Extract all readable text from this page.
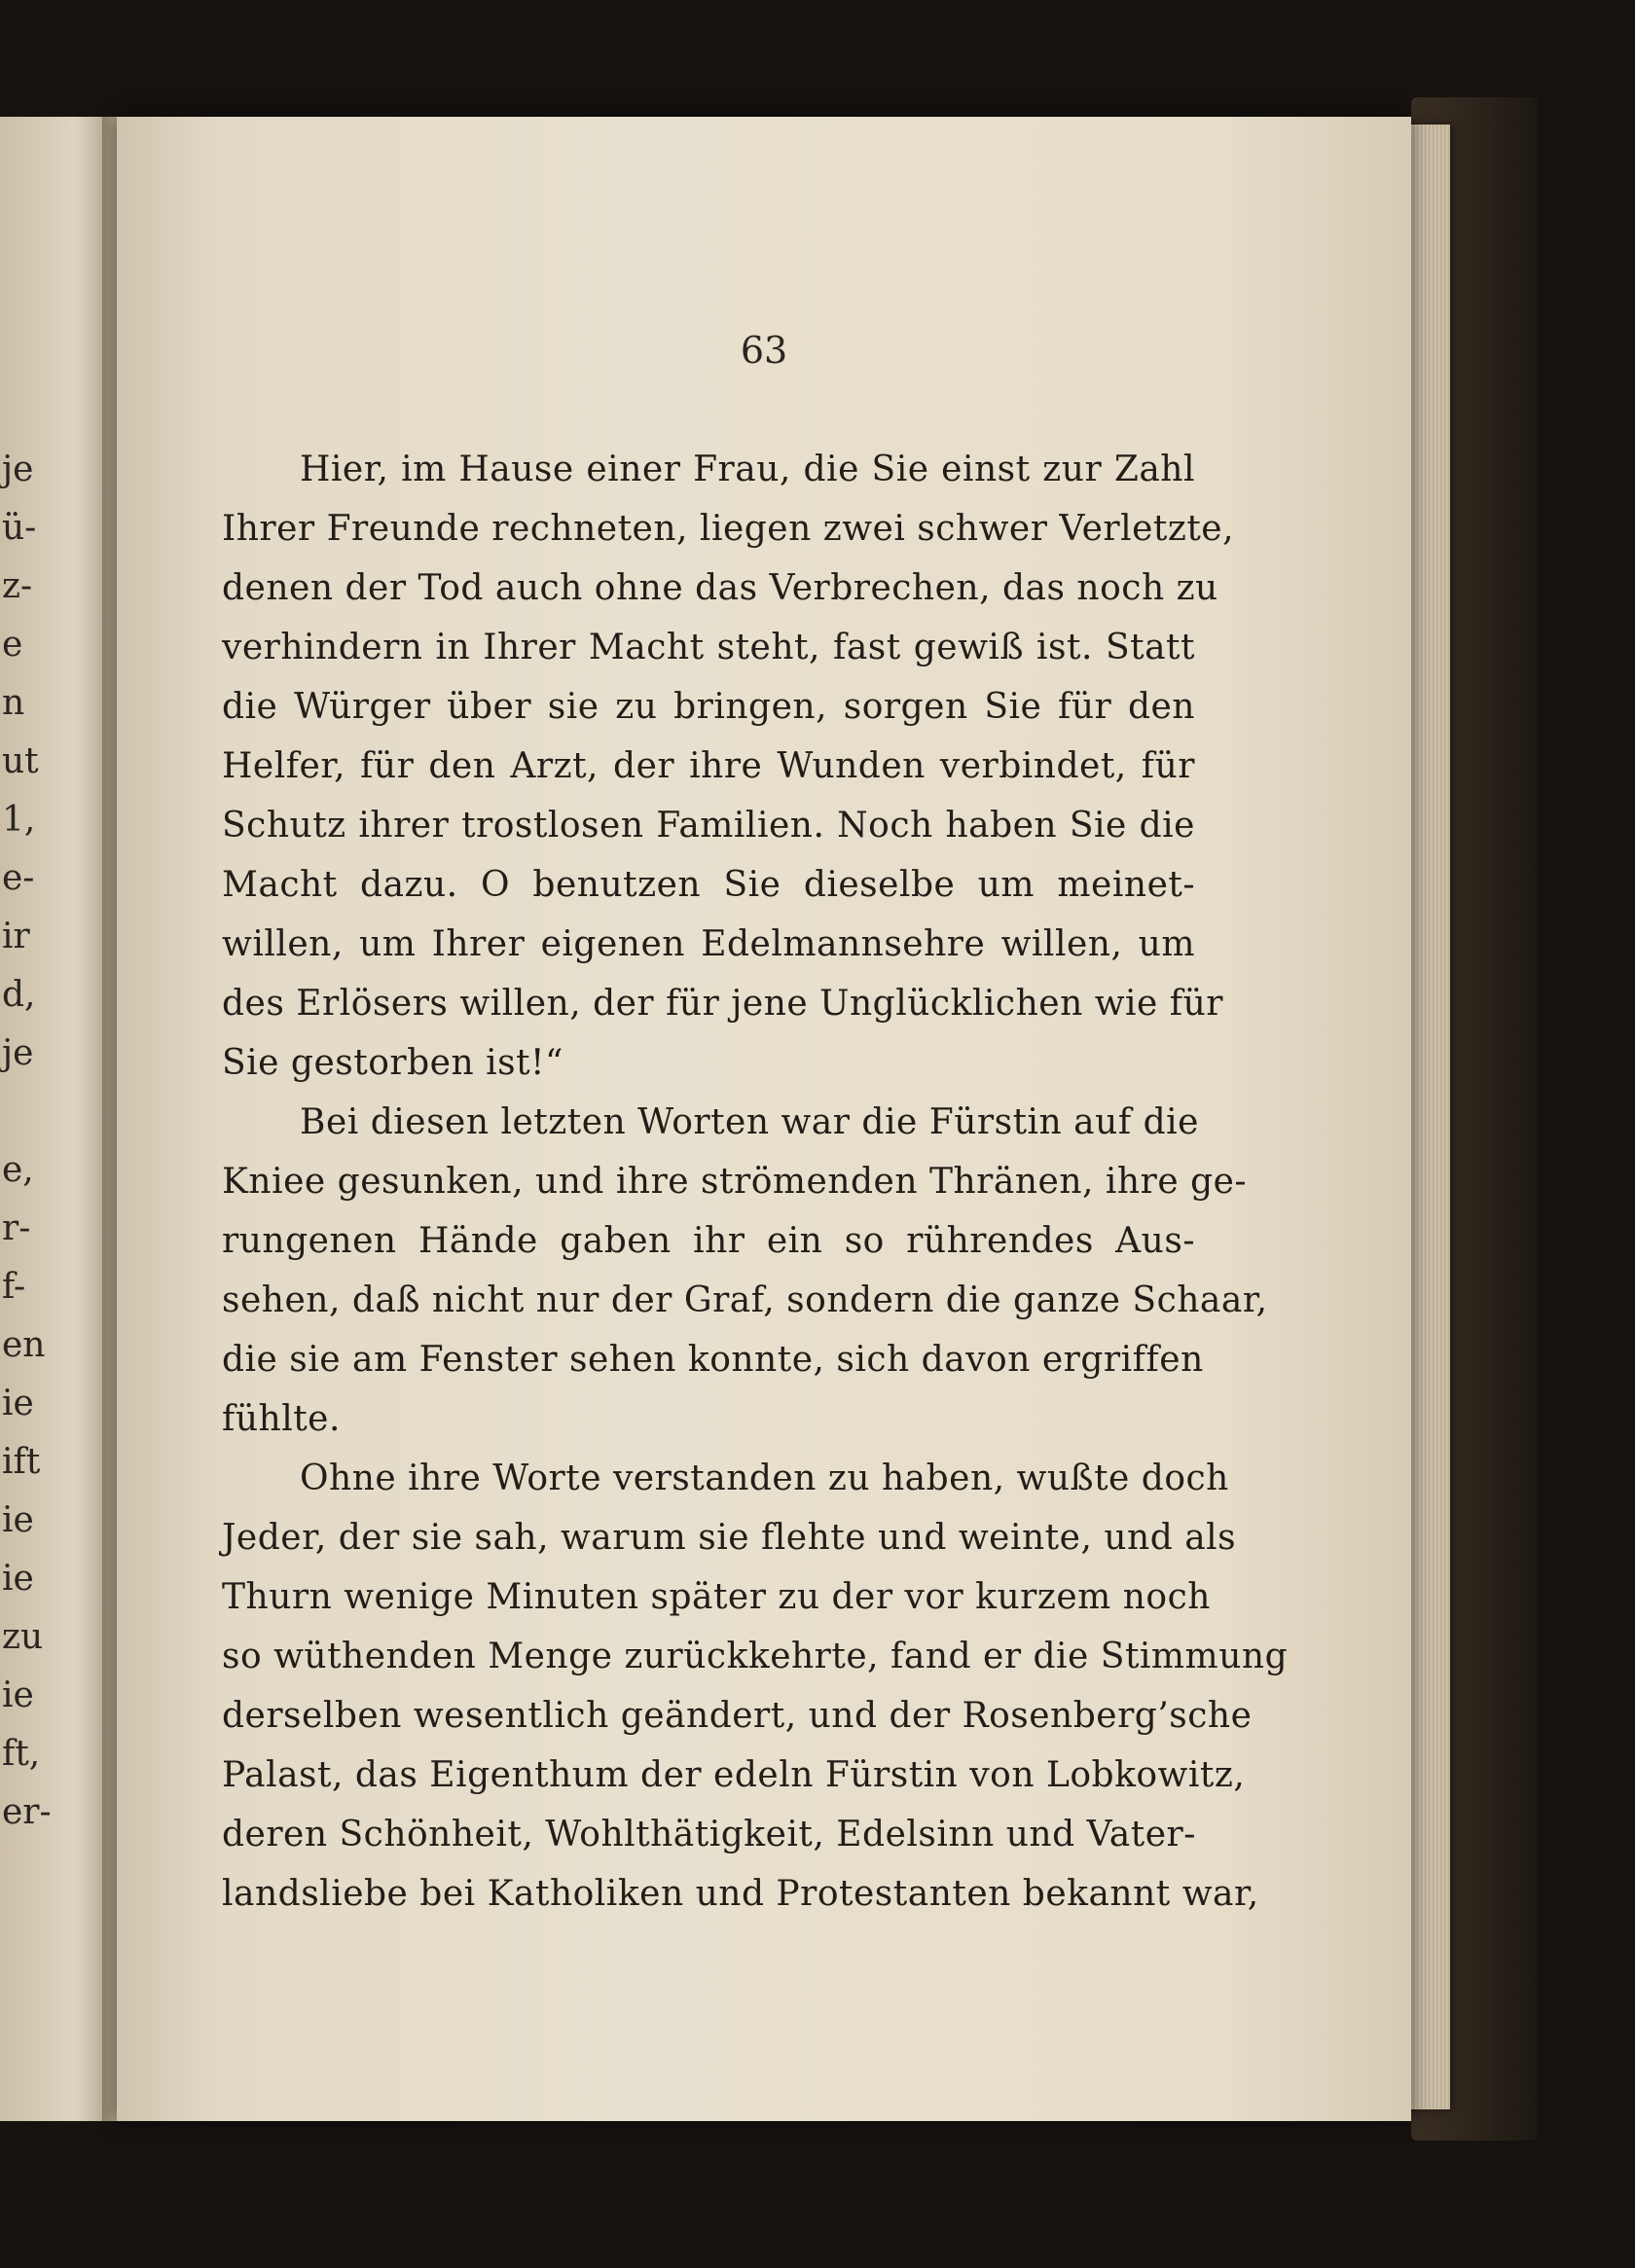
je
ü-
z-
e
n
ut
1,
e-
ir
d,
je
e,
r-
f-
en
ie
ift
ie
ie
zu
ie
ft,
er-
63
Hier, im Hause einer Frau, die Sie einst zur Zahl
Ihrer Freunde rechneten, liegen zwei schwer Verletzte,
denen der Tod auch ohne das Verbrechen, das noch zu
verhindern in Ihrer Macht steht, fast gewiß ist. Statt
die Würger über sie zu bringen, sorgen Sie für den
Helfer, für den Arzt, der ihre Wunden verbindet, für
Schutz ihrer trostlosen Familien. Noch haben Sie die
Macht dazu. O benutzen Sie dieselbe um meinet-
willen, um Ihrer eigenen Edelmannsehre willen, um
des Erlösers willen, der für jene Unglücklichen wie für
Sie gestorben ist!“
Bei diesen letzten Worten war die Fürstin auf die
Kniee gesunken, und ihre strömenden Thränen, ihre ge-
rungenen Hände gaben ihr ein so rührendes Aus-
sehen, daß nicht nur der Graf, sondern die ganze Schaar,
die sie am Fenster sehen konnte, sich davon ergriffen
fühlte.
Ohne ihre Worte verstanden zu haben, wußte doch
Jeder, der sie sah, warum sie flehte und weinte, und als
Thurn wenige Minuten später zu der vor kurzem noch
so wüthenden Menge zurückkehrte, fand er die Stimmung
derselben wesentlich geändert, und der Rosenberg’sche
Palast, das Eigenthum der edeln Fürstin von Lobkowitz,
deren Schönheit, Wohlthätigkeit, Edelsinn und Vater-
landsliebe bei Katholiken und Protestanten bekannt war,
